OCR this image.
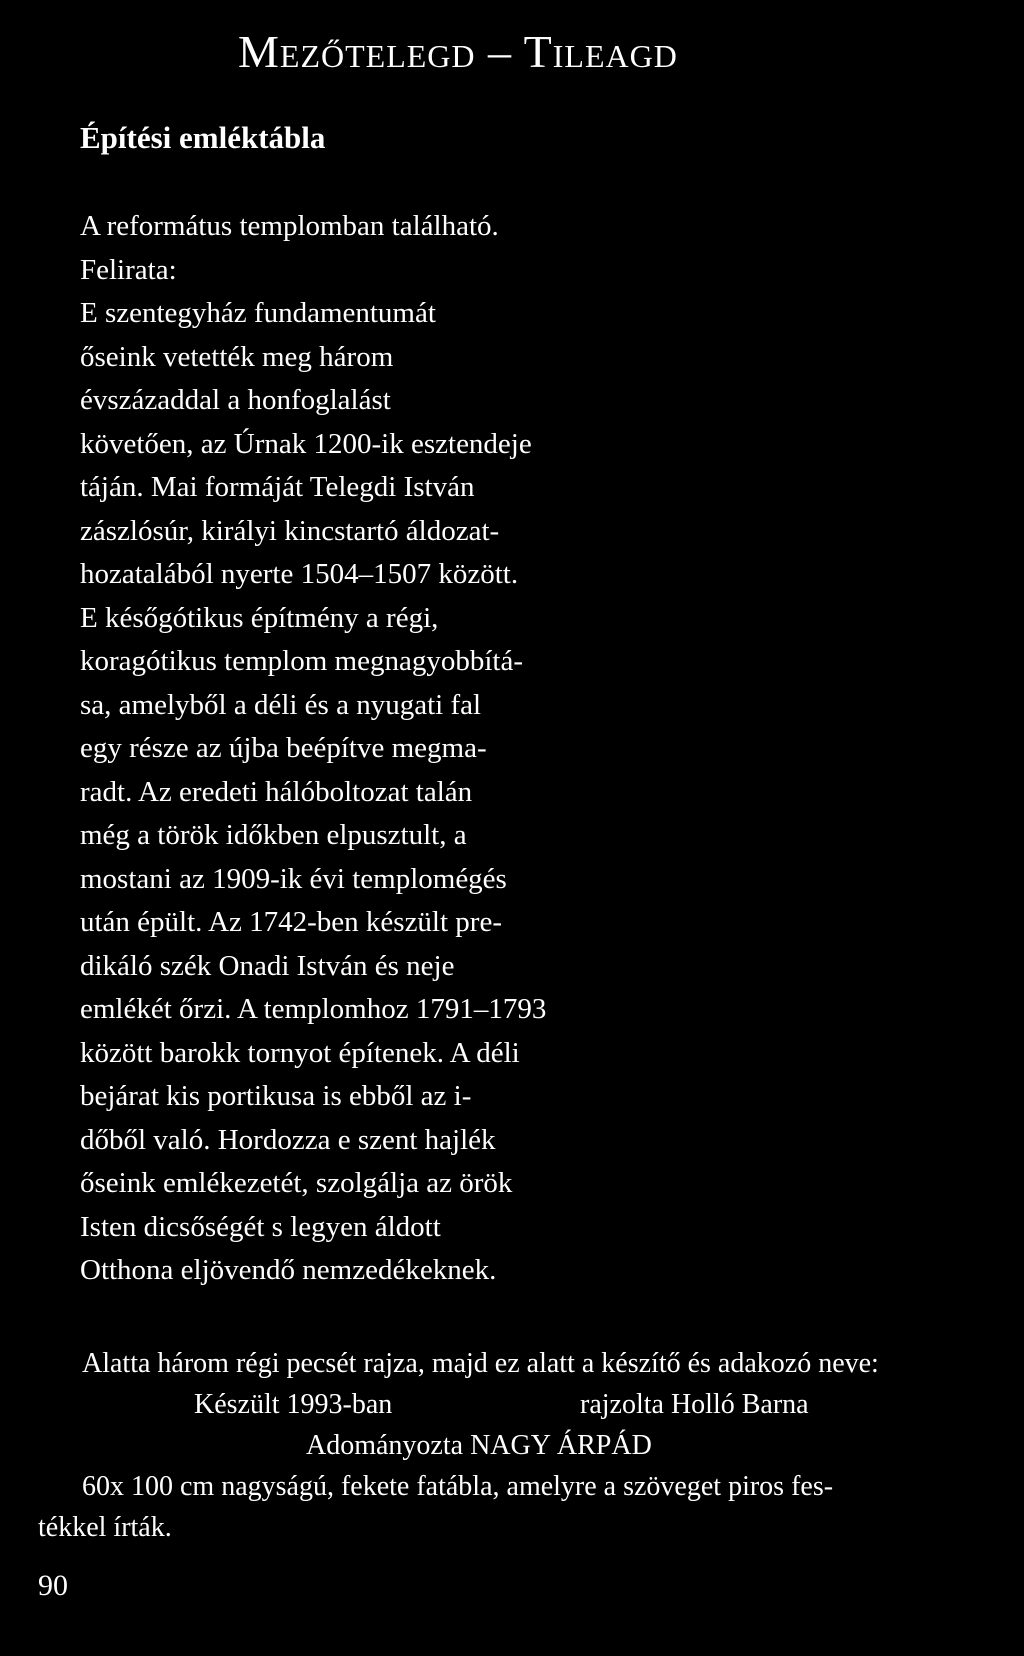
Mezőtelegd – Tileagd
Építési emléktábla
A református templomban található.
Felirata:
E szentegyház fundamentumát
őseink vetették meg három
évszázaddal a honfoglalást
követően, az Úrnak 1200-ik esztendeje
táján. Mai formáját Telegdi István
zászlósúr, királyi kincstartó áldozat-
hozatalából nyerte 1504–1507 között.
E későgótikus építmény a régi,
koragótikus templom megnagyobbítá-
sa, amelyből a déli és a nyugati fal
egy része az újba beépítve megma-
radt. Az eredeti hálóboltozat talán
még a török időkben elpusztult, a
mostani az 1909-ik évi templomégés
után épült. Az 1742-ben készült pre-
dikáló szék Onadi István és neje
emlékét őrzi. A templomhoz 1791–1793
között barokk tornyot építenek. A déli
bejárat kis portikusa is ebből az i-
dőből való. Hordozza e szent hajlék
őseink emlékezetét, szolgálja az örök
Isten dicsőségét s legyen áldott
Otthona eljövendő nemzedékeknek.
Alatta három régi pecsét rajza, majd ez alatt a készítő és adakozó neve:
Készült 1993-ban	rajzolta Holló Barna
Adományozta NAGY ÁRPÁD
60x 100 cm nagyságú, fekete fatábla, amelyre a szöveget piros fes-
tékkel írták.
90
